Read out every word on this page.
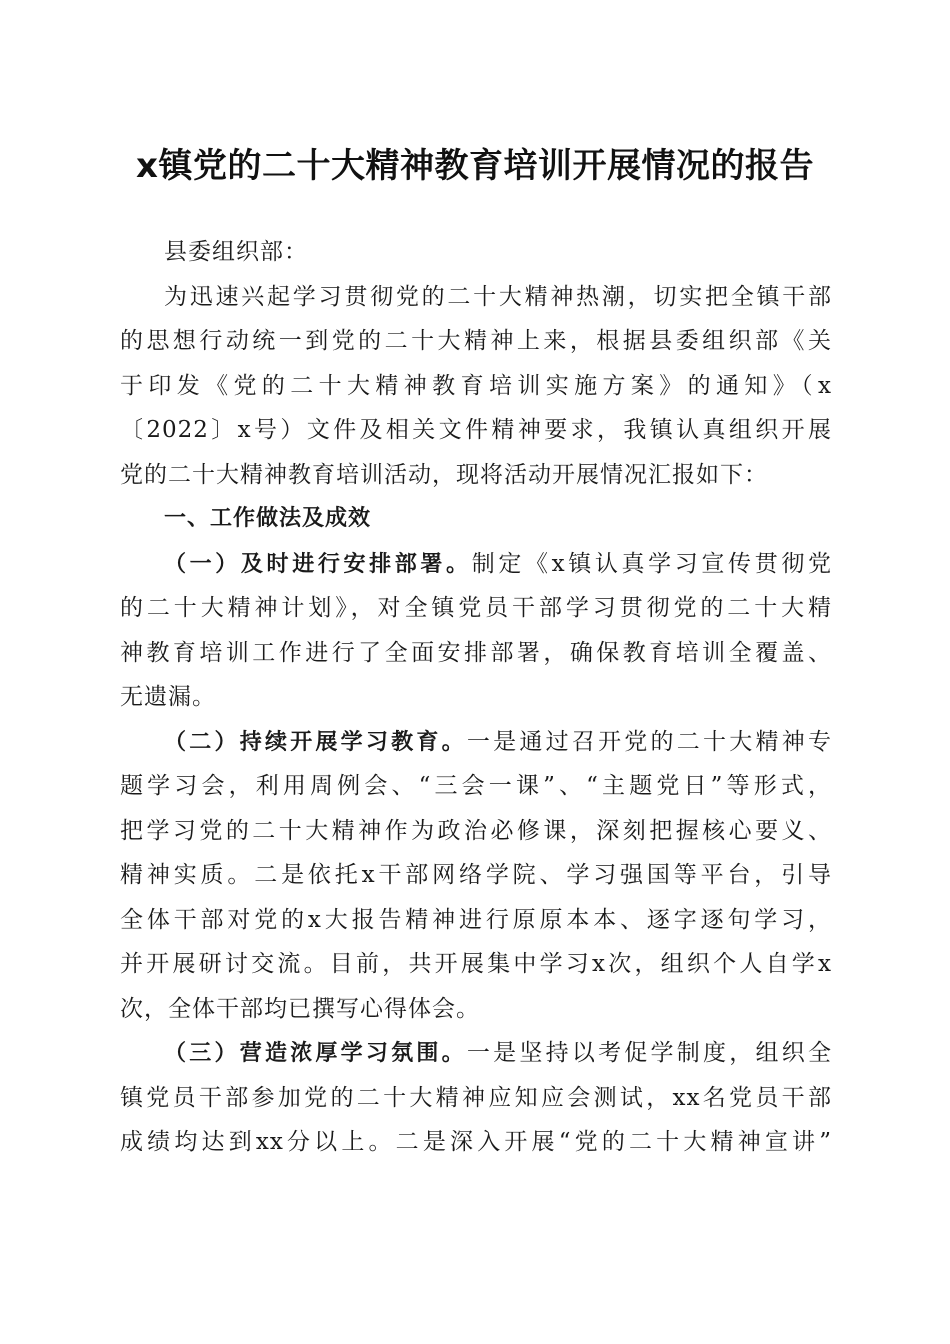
x镇党的二十大精神教育培训开展情况的报告
县委组织部：
为迅速兴起学习贯彻党的二十大精神热潮，切实把全镇干部
的思想行动统一到党的二十大精神上来，根据县委组织部《关
于印发《党的二十大精神教育培训实施方案》的通知》（x
〔2022〕x号）文件及相关文件精神要求，我镇认真组织开展
党的二十大精神教育培训活动，现将活动开展情况汇报如下：
一、工作做法及成效
（一）及时进行安排部署。制定《x镇认真学习宣传贯彻党
的二十大精神计划》，对全镇党员干部学习贯彻党的二十大精
神教育培训工作进行了全面安排部署，确保教育培训全覆盖、
无遗漏。
（二）持续开展学习教育。一是通过召开党的二十大精神专
题学习会，利用周例会、“三会一课”、“主题党日”等形式，
把学习党的二十大精神作为政治必修课，深刻把握核心要义、
精神实质。二是依托x干部网络学院、学习强国等平台，引导
全体干部对党的x大报告精神进行原原本本、逐字逐句学习，
并开展研讨交流。目前，共开展集中学习x次，组织个人自学x
次，全体干部均已撰写心得体会。
（三）营造浓厚学习氛围。一是坚持以考促学制度，组织全
镇党员干部参加党的二十大精神应知应会测试，xx名党员干部
成绩均达到xx分以上。二是深入开展“党的二十大精神宣讲”
